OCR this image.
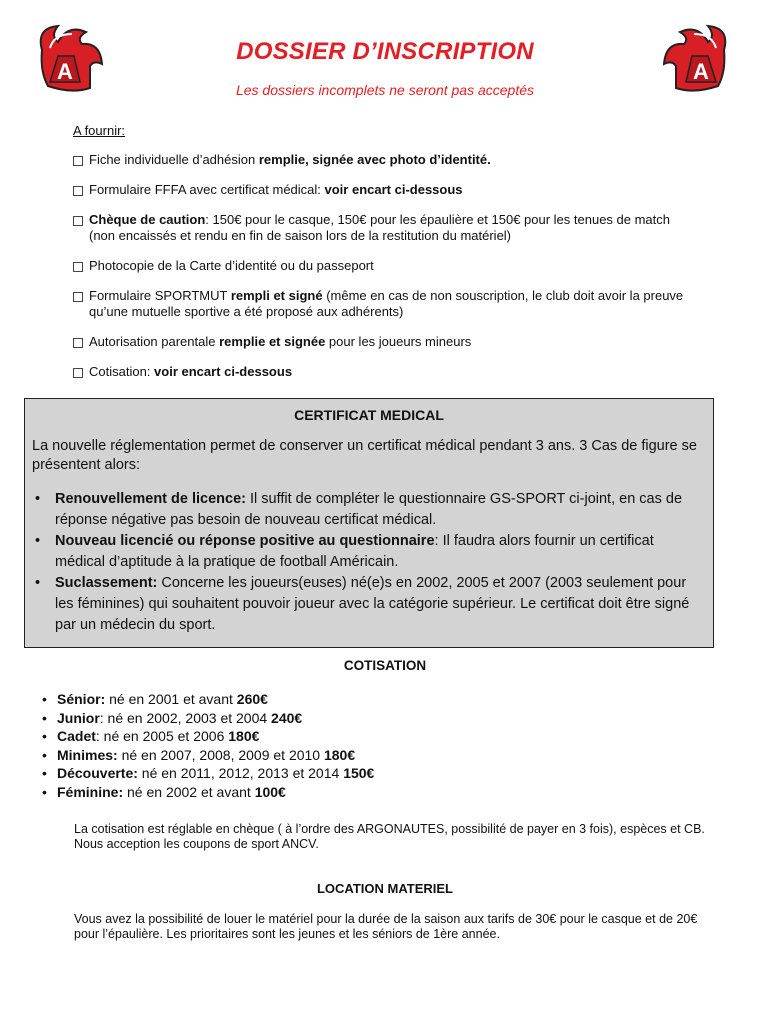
A	A
DOSSIER D’INSCRIPTION
Les dossiers incomplets ne seront pas acceptés
A fournir:
Fiche individuelle d’adhésion remplie, signée avec photo d’identité.
Formulaire FFFA avec certificat médical: voir encart ci-dessous
Chèque de caution: 150€ pour le casque, 150€ pour les épaulière et 150€ pour les tenues de match (non encaissés et rendu en fin de saison lors de la restitution du matériel)
Photocopie de la Carte d’identité ou du passeport
Formulaire SPORTMUT rempli et signé (même en cas de non souscription, le club doit avoir la preuve qu’une mutuelle sportive a été proposé aux adhérents)
Autorisation parentale remplie et signée pour les joueurs mineurs
Cotisation: voir encart ci-dessous
CERTIFICAT MEDICAL
La nouvelle réglementation permet de conserver un certificat médical pendant 3 ans. 3 Cas de figure se présentent alors:
•	Renouvellement de licence: Il suffit de compléter le questionnaire GS-SPORT ci-joint, en cas de réponse négative pas besoin de nouveau certificat médical.
•	Nouveau licencié ou réponse positive au questionnaire: Il faudra alors fournir un certificat médical d’aptitude à la pratique de football Américain.
•	Suclassement: Concerne les joueurs(euses) né(e)s en 2002, 2005 et 2007 (2003 seulement pour les féminines) qui souhaitent pouvoir joueur avec la catégorie supérieur. Le certificat doit être signé par un médecin du sport.
COTISATION
• Sénior: né en 2001 et avant 260€
• Junior: né en 2002, 2003 et 2004 240€
• Cadet: né en 2005 et 2006 180€
• Minimes: né en 2007, 2008, 2009 et 2010 180€
• Découverte: né en 2011, 2012, 2013 et 2014 150€
• Féminine: né en 2002 et avant 100€
La cotisation est réglable en chèque ( à l’ordre des ARGONAUTES, possibilité de payer en 3 fois), espèces et CB.
Nous acception les coupons de sport ANCV.
LOCATION MATERIEL
Vous avez la possibilité de louer le matériel pour la durée de la saison aux tarifs de 30€ pour le casque et de 20€ pour l’épaulière. Les prioritaires sont les jeunes et les séniors de 1ère année.
